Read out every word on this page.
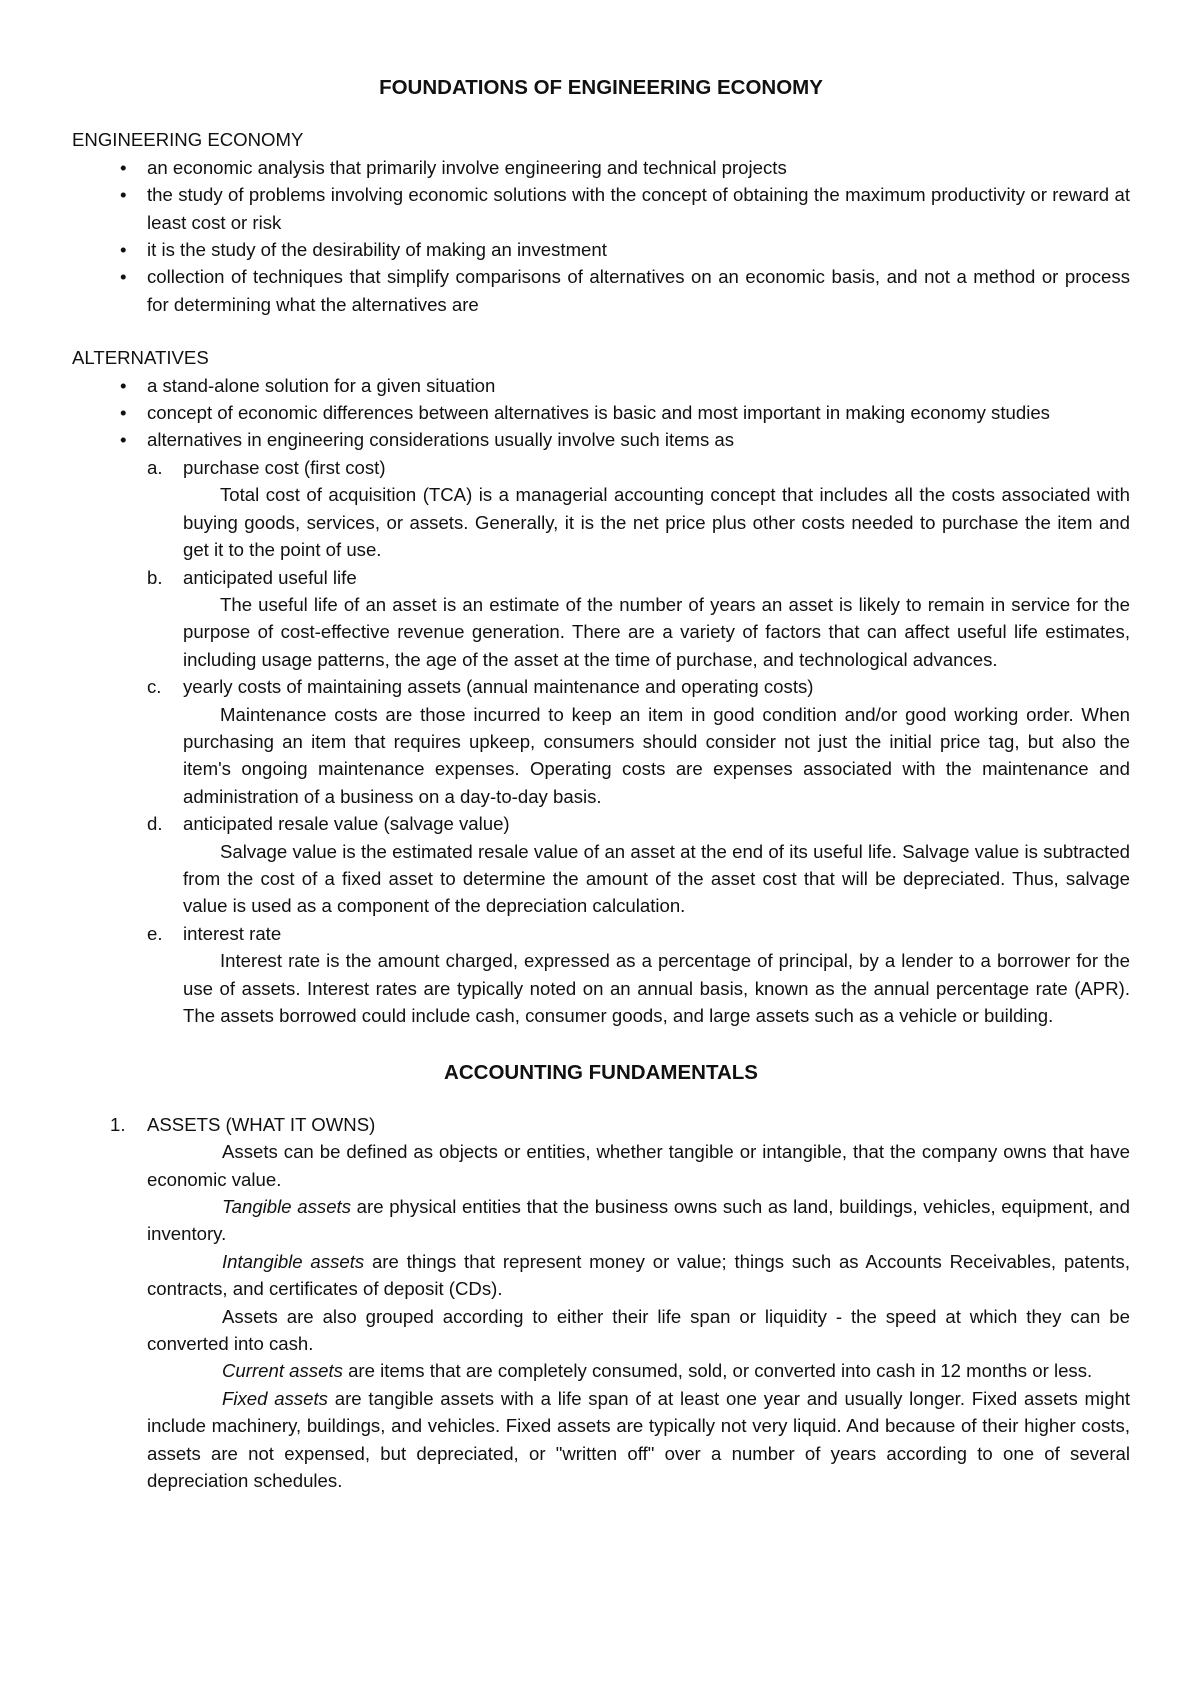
FOUNDATIONS OF ENGINEERING ECONOMY
ENGINEERING ECONOMY
• an economic analysis that primarily involve engineering and technical projects
• the study of problems involving economic solutions with the concept of obtaining the maximum productivity or reward at least cost or risk
• it is the study of the desirability of making an investment
• collection of techniques that simplify comparisons of alternatives on an economic basis, and not a method or process for determining what the alternatives are
ALTERNATIVES
• a stand-alone solution for a given situation
• concept of economic differences between alternatives is basic and most important in making economy studies
• alternatives in engineering considerations usually involve such items as
a. purchase cost (first cost)
Total cost of acquisition (TCA) is a managerial accounting concept that includes all the costs associated with buying goods, services, or assets. Generally, it is the net price plus other costs needed to purchase the item and get it to the point of use.
b. anticipated useful life
The useful life of an asset is an estimate of the number of years an asset is likely to remain in service for the purpose of cost-effective revenue generation. There are a variety of factors that can affect useful life estimates, including usage patterns, the age of the asset at the time of purchase, and technological advances.
c. yearly costs of maintaining assets (annual maintenance and operating costs)
Maintenance costs are those incurred to keep an item in good condition and/or good working order. When purchasing an item that requires upkeep, consumers should consider not just the initial price tag, but also the item's ongoing maintenance expenses. Operating costs are expenses associated with the maintenance and administration of a business on a day-to-day basis.
d. anticipated resale value (salvage value)
Salvage value is the estimated resale value of an asset at the end of its useful life. Salvage value is subtracted from the cost of a fixed asset to determine the amount of the asset cost that will be depreciated. Thus, salvage value is used as a component of the depreciation calculation.
e. interest rate
Interest rate is the amount charged, expressed as a percentage of principal, by a lender to a borrower for the use of assets. Interest rates are typically noted on an annual basis, known as the annual percentage rate (APR). The assets borrowed could include cash, consumer goods, and large assets such as a vehicle or building.
ACCOUNTING FUNDAMENTALS
1. ASSETS (WHAT IT OWNS)

Assets can be defined as objects or entities, whether tangible or intangible, that the company owns that have economic value.

Tangible assets are physical entities that the business owns such as land, buildings, vehicles, equipment, and inventory.

Intangible assets are things that represent money or value; things such as Accounts Receivables, patents, contracts, and certificates of deposit (CDs).

Assets are also grouped according to either their life span or liquidity - the speed at which they can be converted into cash.

Current assets are items that are completely consumed, sold, or converted into cash in 12 months or less.

Fixed assets are tangible assets with a life span of at least one year and usually longer. Fixed assets might include machinery, buildings, and vehicles. Fixed assets are typically not very liquid. And because of their higher costs, assets are not expensed, but depreciated, or "written off" over a number of years according to one of several depreciation schedules.
